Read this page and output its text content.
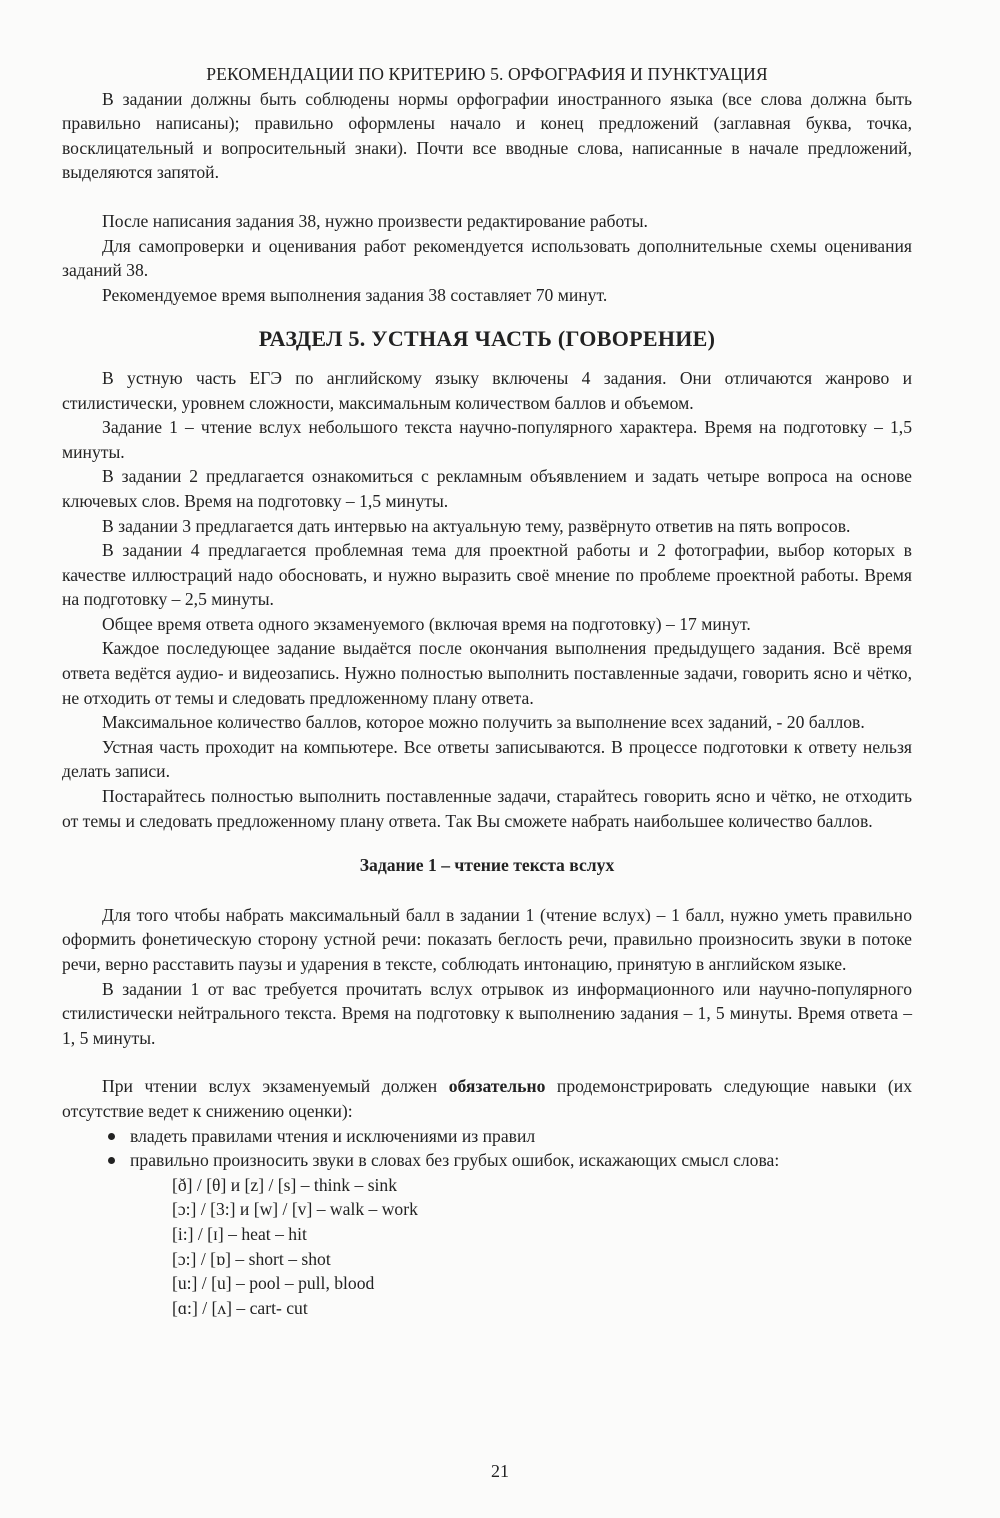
РЕКОМЕНДАЦИИ ПО КРИТЕРИЮ 5. ОРФОГРАФИЯ И ПУНКТУАЦИЯ

В задании должны быть соблюдены нормы орфографии иностранного языка (все слова должна быть правильно написаны); правильно оформлены начало и конец предложений (заглавная буква, точка, восклицательный и вопросительный знаки). Почти все вводные слова, написанные в начале предложений, выделяются запятой.

После написания задания 38, нужно произвести редактирование работы.

Для самопроверки и оценивания работ рекомендуется использовать дополнительные схемы оценивания заданий 38.

Рекомендуемое время выполнения задания 38 составляет 70 минут.

РАЗДЕЛ 5. УСТНАЯ ЧАСТЬ (ГОВОРЕНИЕ)

В устную часть ЕГЭ по английскому языку включены 4 задания. Они отличаются жанрово и стилистически, уровнем сложности, максимальным количеством баллов и объемом.

Задание 1 – чтение вслух небольшого текста научно-популярного характера. Время на подготовку – 1,5 минуты.

В задании 2 предлагается ознакомиться с рекламным объявлением и задать четыре вопроса на основе ключевых слов. Время на подготовку – 1,5 минуты.

В задании 3 предлагается дать интервью на актуальную тему, развёрнуто ответив на пять вопросов.

В задании 4 предлагается проблемная тема для проектной работы и 2 фотографии, выбор которых в качестве иллюстраций надо обосновать, и нужно выразить своё мнение по проблеме проектной работы. Время на подготовку – 2,5 минуты.

Общее время ответа одного экзаменуемого (включая время на подготовку) – 17 минут.

Каждое последующее задание выдаётся после окончания выполнения предыдущего задания. Всё время ответа ведётся аудио- и видеозапись. Нужно полностью выполнить поставленные задачи, говорить ясно и чётко, не отходить от темы и следовать предложенному плану ответа.

Максимальное количество баллов, которое можно получить за выполнение всех заданий, - 20 баллов.

Устная часть проходит на компьютере. Все ответы записываются. В процессе подготовки к ответу нельзя делать записи.

Постарайтесь полностью выполнить поставленные задачи, старайтесь говорить ясно и чётко, не отходить от темы и следовать предложенному плану ответа. Так Вы сможете набрать наибольшее количество баллов.

Задание 1 – чтение текста вслух

Для того чтобы набрать максимальный балл в задании 1 (чтение вслух) – 1 балл, нужно уметь правильно оформить фонетическую сторону устной речи: показать беглость речи, правильно произносить звуки в потоке речи, верно расставить паузы и ударения в тексте, соблюдать интонацию, принятую в английском языке.

В задании 1 от вас требуется прочитать вслух отрывок из информационного или научно-популярного стилистически нейтрального текста. Время на подготовку к выполнению задания – 1, 5 минуты. Время ответа – 1, 5 минуты.

При чтении вслух экзаменуемый должен обязательно продемонстрировать следующие навыки (их отсутствие ведет к снижению оценки):

владеть правилами чтения и исключениями из правил
правильно произносить звуки в словах без грубых ошибок, искажающих смысл слова:
[ð] / [θ] и [z] / [s] – think – sink
[ɔ:] / [3:] и [w] / [v] – walk – work
[i:] / [ɪ] – heat – hit
[ɔ:] / [ɒ] – short – shot
[u:] / [u] – pool – pull, blood
[ɑ:] / [ʌ] – cart- cut
21
